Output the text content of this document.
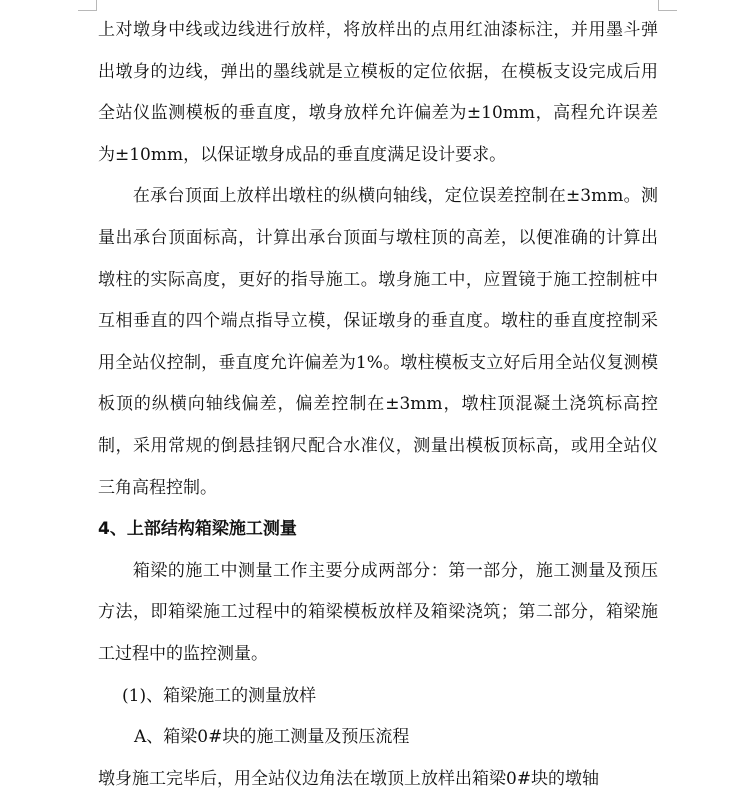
上对墩身中线或边线进行放样，将放样出的点用红油漆标注，并用墨斗弹出墩身的边线，弹出的墨线就是立模板的定位依据，在模板支设完成后用全站仪监测模板的垂直度，墩身放样允许偏差为±10mm，高程允许误差为±10mm，以保证墩身成品的垂直度满足设计要求。

在承台顶面上放样出墩柱的纵横向轴线，定位误差控制在±3mm。测量出承台顶面标高，计算出承台顶面与墩柱顶的高差，以便准确的计算出墩柱的实际高度，更好的指导施工。墩身施工中，应置镜于施工控制桩中互相垂直的四个端点指导立模，保证墩身的垂直度。墩柱的垂直度控制采用全站仪控制，垂直度允许偏差为1%。墩柱模板支立好后用全站仪复测模板顶的纵横向轴线偏差，偏差控制在±3mm，墩柱顶混凝土浇筑标高控制，采用常规的倒悬挂钢尺配合水准仪，测量出模板顶标高，或用全站仪三角高程控制。

4、上部结构箱梁施工测量

箱梁的施工中测量工作主要分成两部分：第一部分，施工测量及预压方法，即箱梁施工过程中的箱梁模板放样及箱梁浇筑；第二部分，箱梁施工过程中的监控测量。

(1)、箱梁施工的测量放样

A、箱梁0#块的施工测量及预压流程

墩身施工完毕后，用全站仪边角法在墩顶上放样出箱梁0#块的墩轴
